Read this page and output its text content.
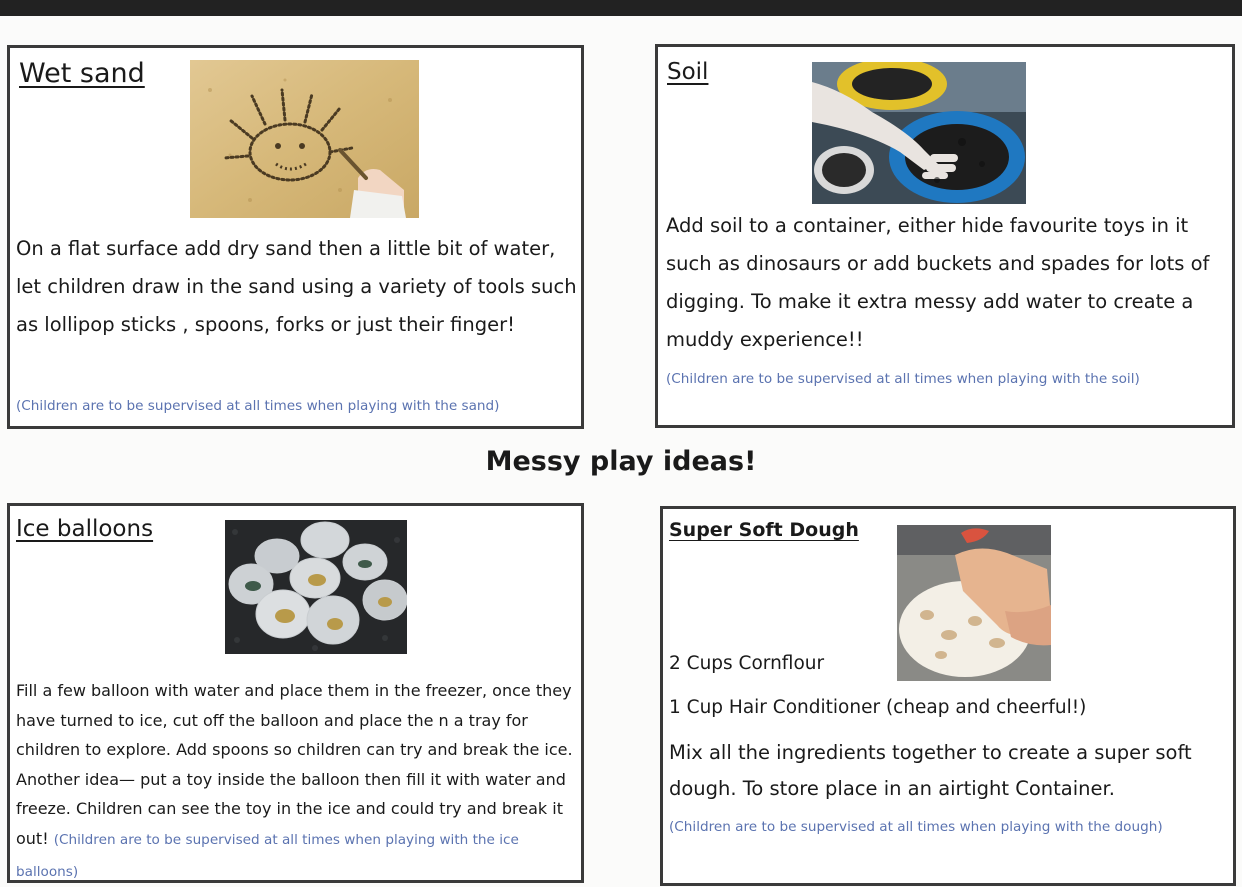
Wet sand
On a flat surface add dry sand then a little bit of water, let children draw in the sand using a variety of tools such as lollipop sticks , spoons, forks or just their finger!
(Children are to be supervised at all times when playing with the sand)
Soil
Add soil to a container, either hide favourite toys in it such as dinosaurs or add buckets and spades for lots of digging. To make it extra messy add water to create a muddy experience!!
(Children are to be supervised at all times when playing with the soil)
Messy play ideas!
Ice balloons
Fill a few balloon with water and place them in the freezer, once they have turned to ice, cut off the balloon and place the n a tray for children to explore. Add spoons so children can try and break the ice. Another idea— put a toy inside the balloon then fill it with water and freeze. Children can see the toy in the ice and could try and break it out! (Children are to be supervised at all times when playing with the ice balloons)
Super Soft Dough
2 Cups Cornflour
1 Cup Hair Conditioner (cheap and cheerful!)
Mix all the ingredients together to create a super soft dough. To store place in an airtight Container.
(Children are to be supervised at all times when playing with the dough)
